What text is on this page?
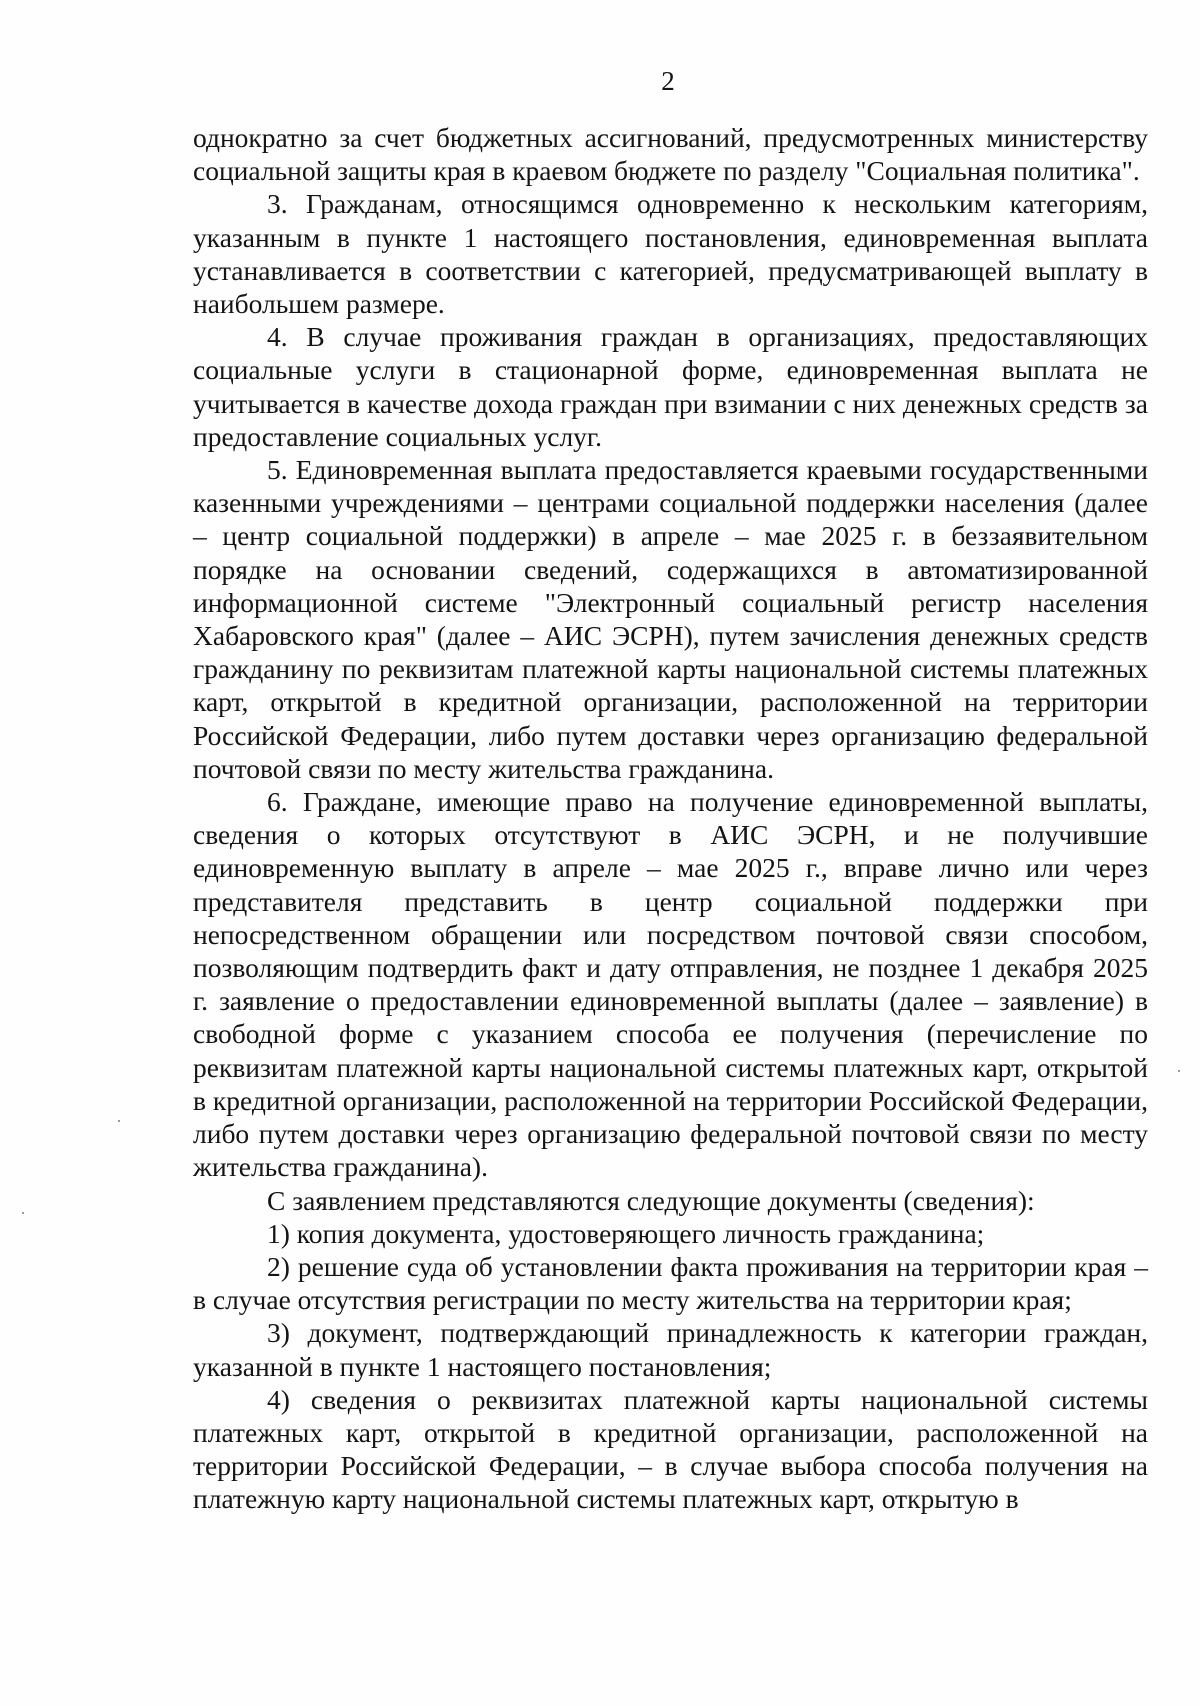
2

однократно за счет бюджетных ассигнований, предусмотренных министерству социальной защиты края в краевом бюджете по разделу "Социальная политика".

3. Гражданам, относящимся одновременно к нескольким категориям, указанным в пункте 1 настоящего постановления, единовременная выплата устанавливается в соответствии с категорией, предусматривающей выплату в наибольшем размере.

4. В случае проживания граждан в организациях, предоставляющих социальные услуги в стационарной форме, единовременная выплата не учитывается в качестве дохода граждан при взимании с них денежных средств за предоставление социальных услуг.

5. Единовременная выплата предоставляется краевыми государственными казенными учреждениями – центрами социальной поддержки населения (далее – центр социальной поддержки) в апреле – мае 2025 г. в беззаявительном порядке на основании сведений, содержащихся в автоматизированной информационной системе "Электронный социальный регистр населения Хабаровского края" (далее – АИС ЭСРН), путем зачисления денежных средств гражданину по реквизитам платежной карты национальной системы платежных карт, открытой в кредитной организации, расположенной на территории Российской Федерации, либо путем доставки через организацию федеральной почтовой связи по месту жительства гражданина.

6. Граждане, имеющие право на получение единовременной выплаты, сведения о которых отсутствуют в АИС ЭСРН, и не получившие единовременную выплату в апреле – мае 2025 г., вправе лично или через представителя представить в центр социальной поддержки при непосредственном обращении или посредством почтовой связи способом, позволяющим подтвердить факт и дату отправления, не позднее 1 декабря 2025 г. заявление о предоставлении единовременной выплаты (далее – заявление) в свободной форме с указанием способа ее получения (перечисление по реквизитам платежной карты национальной системы платежных карт, открытой в кредитной организации, расположенной на территории Российской Федерации, либо путем доставки через организацию федеральной почтовой связи по месту жительства гражданина).

С заявлением представляются следующие документы (сведения):

1) копия документа, удостоверяющего личность гражданина;

2) решение суда об установлении факта проживания на территории края – в случае отсутствия регистрации по месту жительства на территории края;

3) документ, подтверждающий принадлежность к категории граждан, указанной в пункте 1 настоящего постановления;

4) сведения о реквизитах платежной карты национальной системы платежных карт, открытой в кредитной организации, расположенной на территории Российской Федерации, – в случае выбора способа получения на платежную карту национальной системы платежных карт, открытую в
